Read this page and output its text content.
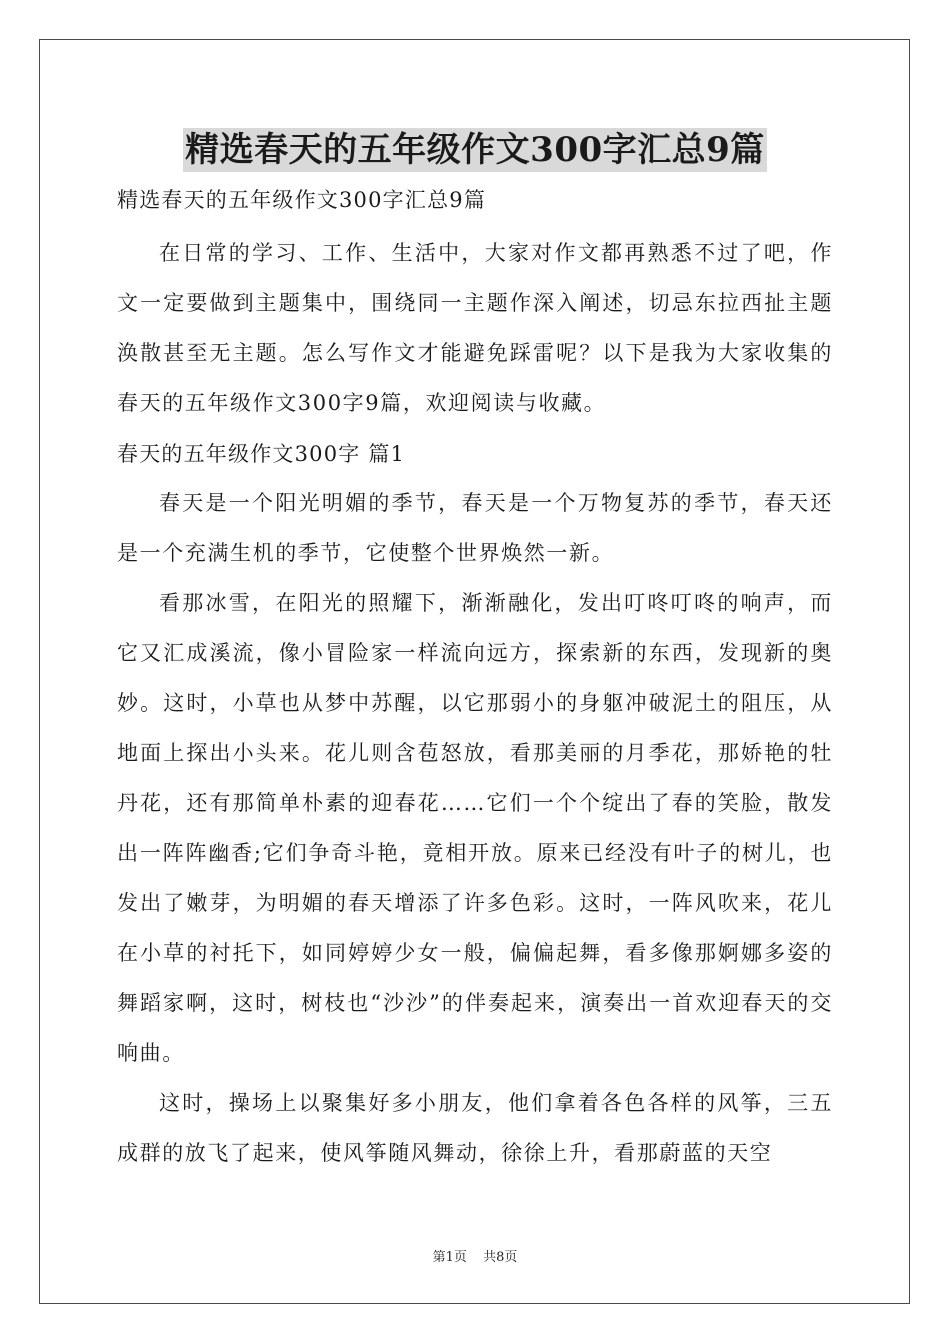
精选春天的五年级作文300字汇总9篇

精选春天的五年级作文300字汇总9篇

在日常的学习、工作、生活中，大家对作文都再熟悉不过了吧，作文一定要做到主题集中，围绕同一主题作深入阐述，切忌东拉西扯主题涣散甚至无主题。怎么写作文才能避免踩雷呢？以下是我为大家收集的春天的五年级作文300字9篇，欢迎阅读与收藏。

春天的五年级作文300字 篇1

春天是一个阳光明媚的季节，春天是一个万物复苏的季节，春天还是一个充满生机的季节，它使整个世界焕然一新。

看那冰雪，在阳光的照耀下，渐渐融化，发出叮咚叮咚的响声，而它又汇成溪流，像小冒险家一样流向远方，探索新的东西，发现新的奥妙。这时，小草也从梦中苏醒，以它那弱小的身躯冲破泥土的阻压，从地面上探出小头来。花儿则含苞怒放，看那美丽的月季花，那娇艳的牡丹花，还有那简单朴素的迎春花……它们一个个绽出了春的笑脸，散发出一阵阵幽香;它们争奇斗艳，竟相开放。原来已经没有叶子的树儿，也发出了嫩芽，为明媚的春天增添了许多色彩。这时，一阵风吹来，花儿在小草的衬托下，如同婷婷少女一般，偏偏起舞，看多像那婀娜多姿的舞蹈家啊，这时，树枝也“沙沙”的伴奏起来，演奏出一首欢迎春天的交响曲。

这时，操场上以聚集好多小朋友，他们拿着各色各样的风筝，三五成群的放飞了起来，使风筝随风舞动，徐徐上升，看那蔚蓝的天空

第1页 共8页
